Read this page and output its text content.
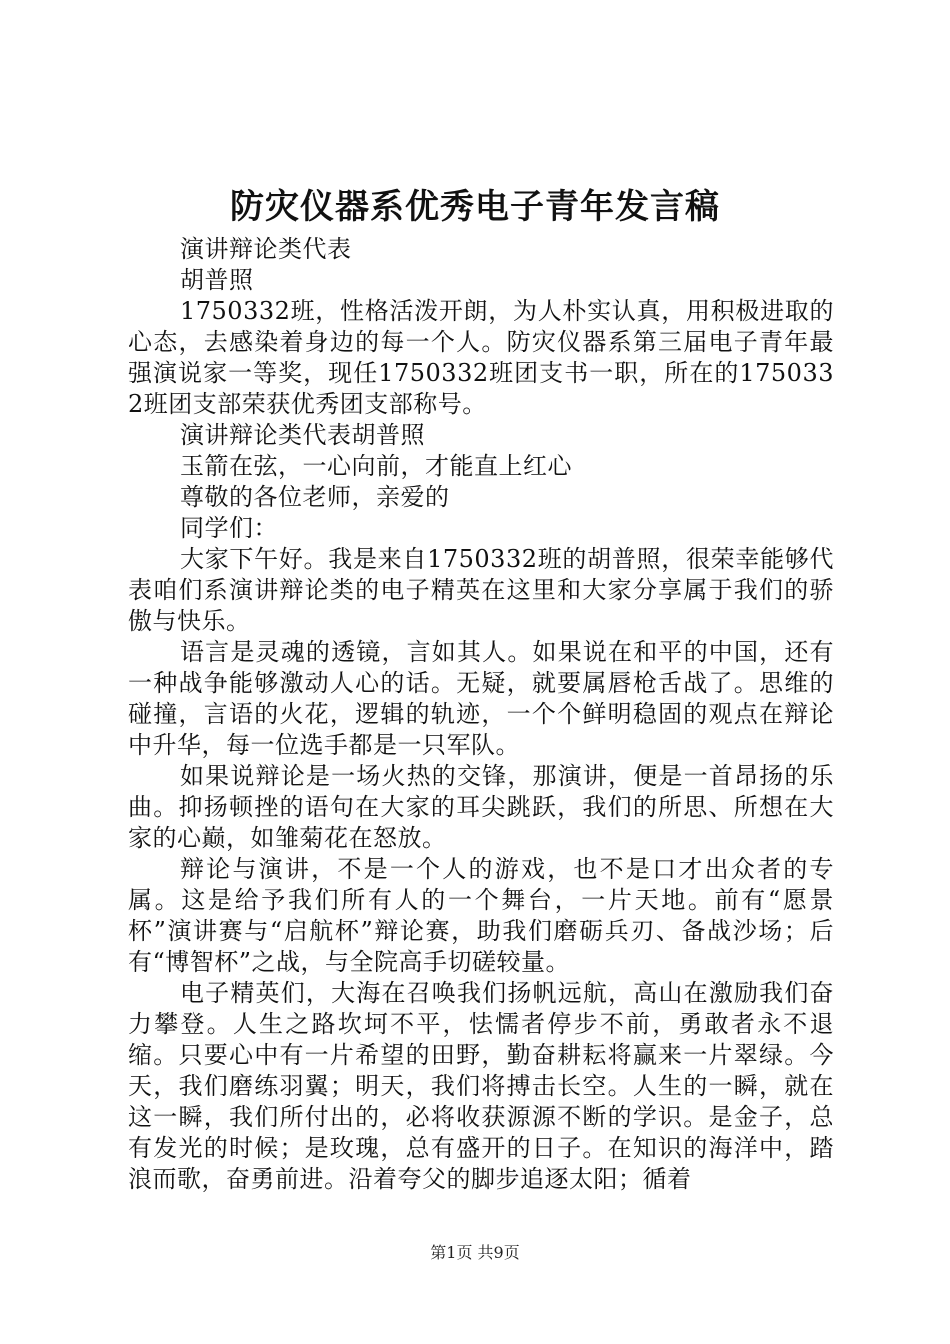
防灾仪器系优秀电子青年发言稿

演讲辩论类代表

胡普照

1750332班，性格活泼开朗，为人朴实认真，用积极进取的心态，去感染着身边的每一个人。防灾仪器系第三届电子青年最强演说家一等奖，现任1750332班团支书一职，所在的1750332班团支部荣获优秀团支部称号。

演讲辩论类代表胡普照

玉箭在弦，一心向前，才能直上红心

尊敬的各位老师，亲爱的

同学们：

大家下午好。我是来自1750332班的胡普照，很荣幸能够代表咱们系演讲辩论类的电子精英在这里和大家分享属于我们的骄傲与快乐。

语言是灵魂的透镜，言如其人。如果说在和平的中国，还有一种战争能够激动人心的话。无疑，就要属唇枪舌战了。思维的碰撞，言语的火花，逻辑的轨迹，一个个鲜明稳固的观点在辩论中升华，每一位选手都是一只军队。

如果说辩论是一场火热的交锋，那演讲，便是一首昂扬的乐曲。抑扬顿挫的语句在大家的耳尖跳跃，我们的所思、所想在大家的心巅，如雏菊花在怒放。

辩论与演讲，不是一个人的游戏，也不是口才出众者的专属。这是给予我们所有人的一个舞台，一片天地。前有“愿景杯”演讲赛与“启航杯”辩论赛，助我们磨砺兵刃、备战沙场；后有“博智杯”之战，与全院高手切磋较量。

电子精英们，大海在召唤我们扬帆远航，高山在激励我们奋力攀登。人生之路坎坷不平，怯懦者停步不前，勇敢者永不退缩。只要心中有一片希望的田野，勤奋耕耘将赢来一片翠绿。今天，我们磨练羽翼；明天，我们将搏击长空。人生的一瞬，就在这一瞬，我们所付出的，必将收获源源不断的学识。是金子，总有发光的时候；是玫瑰，总有盛开的日子。在知识的海洋中，踏浪而歌，奋勇前进。沿着夸父的脚步追逐太阳；循着

第1页 共9页
